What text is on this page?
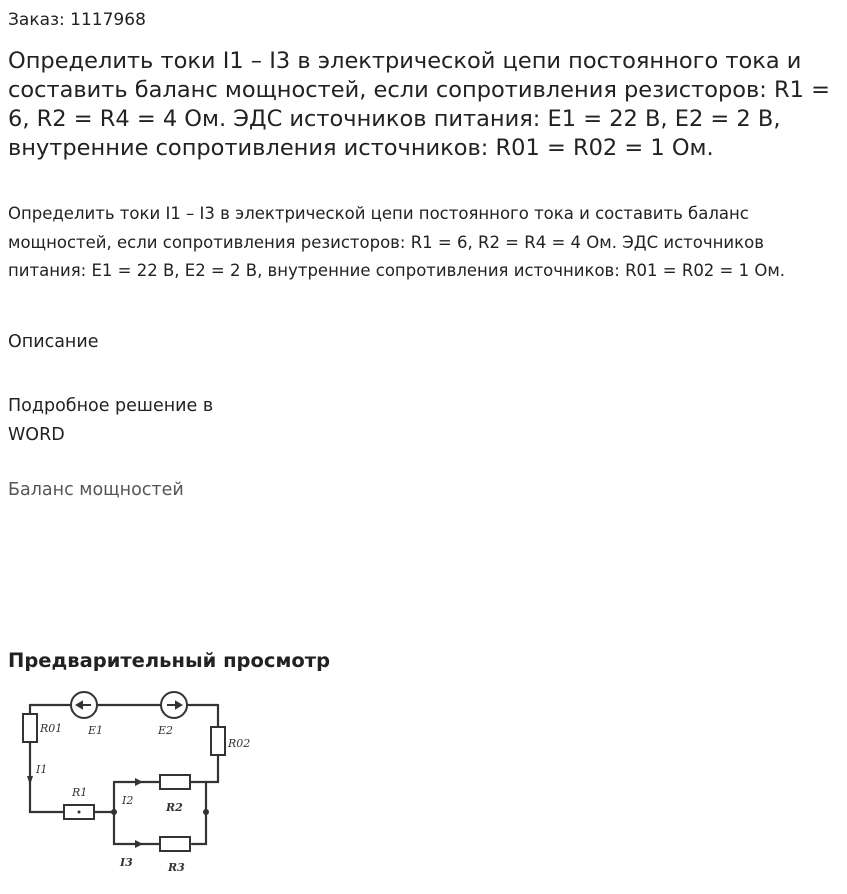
Заказ: 1117968
Определить токи I1 – I3 в электрической цепи постоянного тока и составить баланс мощностей, если сопротивления резисторов: R1 = 6, R2 = R4 = 4 Ом. ЭДС источников питания: E1 = 22 B, E2 = 2 B, внутренние сопротивления источников: R01 = R02 = 1 Ом.

Определить токи I1 – I3 в электрической цепи постоянного тока и составить баланс мощностей, если сопротивления резисторов: R1 = 6, R2 = R4 = 4 Ом. ЭДС источников питания: E1 = 22 B, E2 = 2 B, внутренние сопротивления источников: R01 = R02 = 1 Ом.

Описание
Подробное решение в WORD
Баланс мощностей
Предварительный просмотр
R01 E1	E2
R02
I1
R1
I2
R2
I3	R3
